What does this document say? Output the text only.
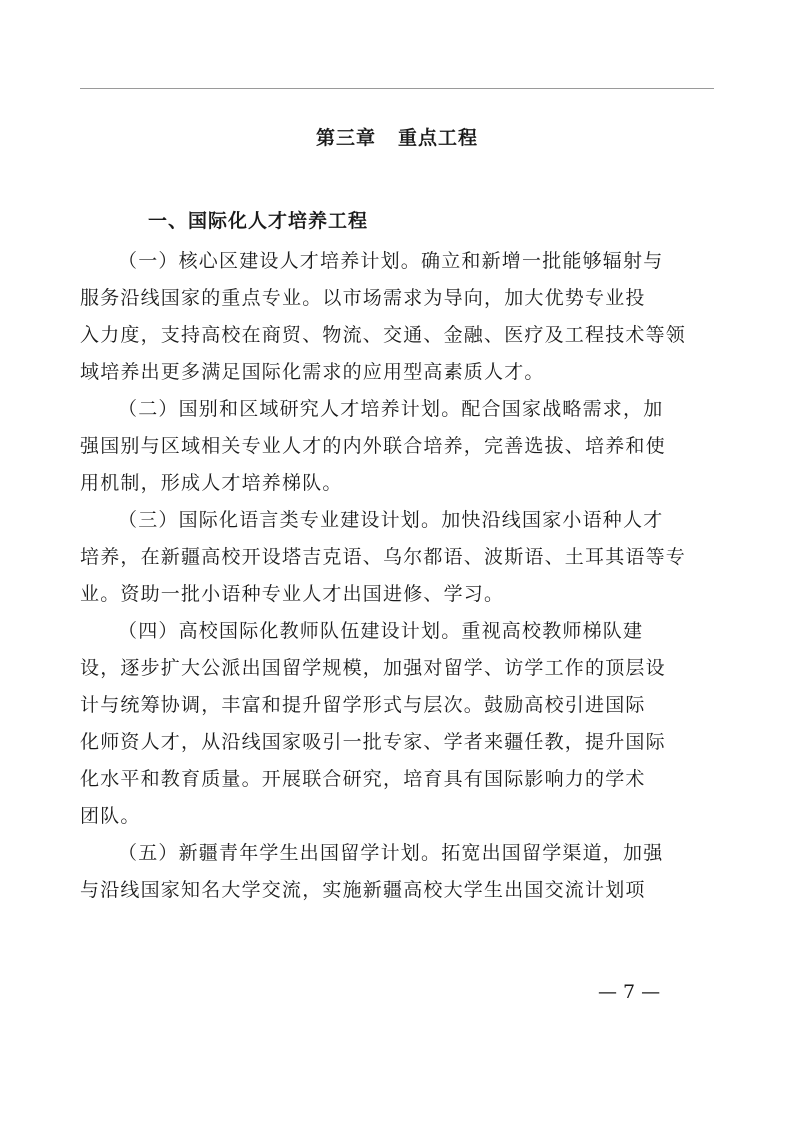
第三章 重点工程
一、国际化人才培养工程

（一）核心区建设人才培养计划。确立和新增一批能够辐射与
服务沿线国家的重点专业。以市场需求为导向，加大优势专业投
入力度，支持高校在商贸、物流、交通、金融、医疗及工程技术等领
域培养出更多满足国际化需求的应用型高素质人才。

（二）国别和区域研究人才培养计划。配合国家战略需求，加
强国别与区域相关专业人才的内外联合培养，完善选拔、培养和使
用机制，形成人才培养梯队。

（三）国际化语言类专业建设计划。加快沿线国家小语种人才
培养，在新疆高校开设塔吉克语、乌尔都语、波斯语、土耳其语等专
业。资助一批小语种专业人才出国进修、学习。

（四）高校国际化教师队伍建设计划。重视高校教师梯队建
设，逐步扩大公派出国留学规模，加强对留学、访学工作的顶层设
计与统筹协调，丰富和提升留学形式与层次。鼓励高校引进国际
化师资人才，从沿线国家吸引一批专家、学者来疆任教，提升国际
化水平和教育质量。开展联合研究，培育具有国际影响力的学术
团队。

（五）新疆青年学生出国留学计划。拓宽出国留学渠道，加强
与沿线国家知名大学交流，实施新疆高校大学生出国交流计划项

— 7 —
